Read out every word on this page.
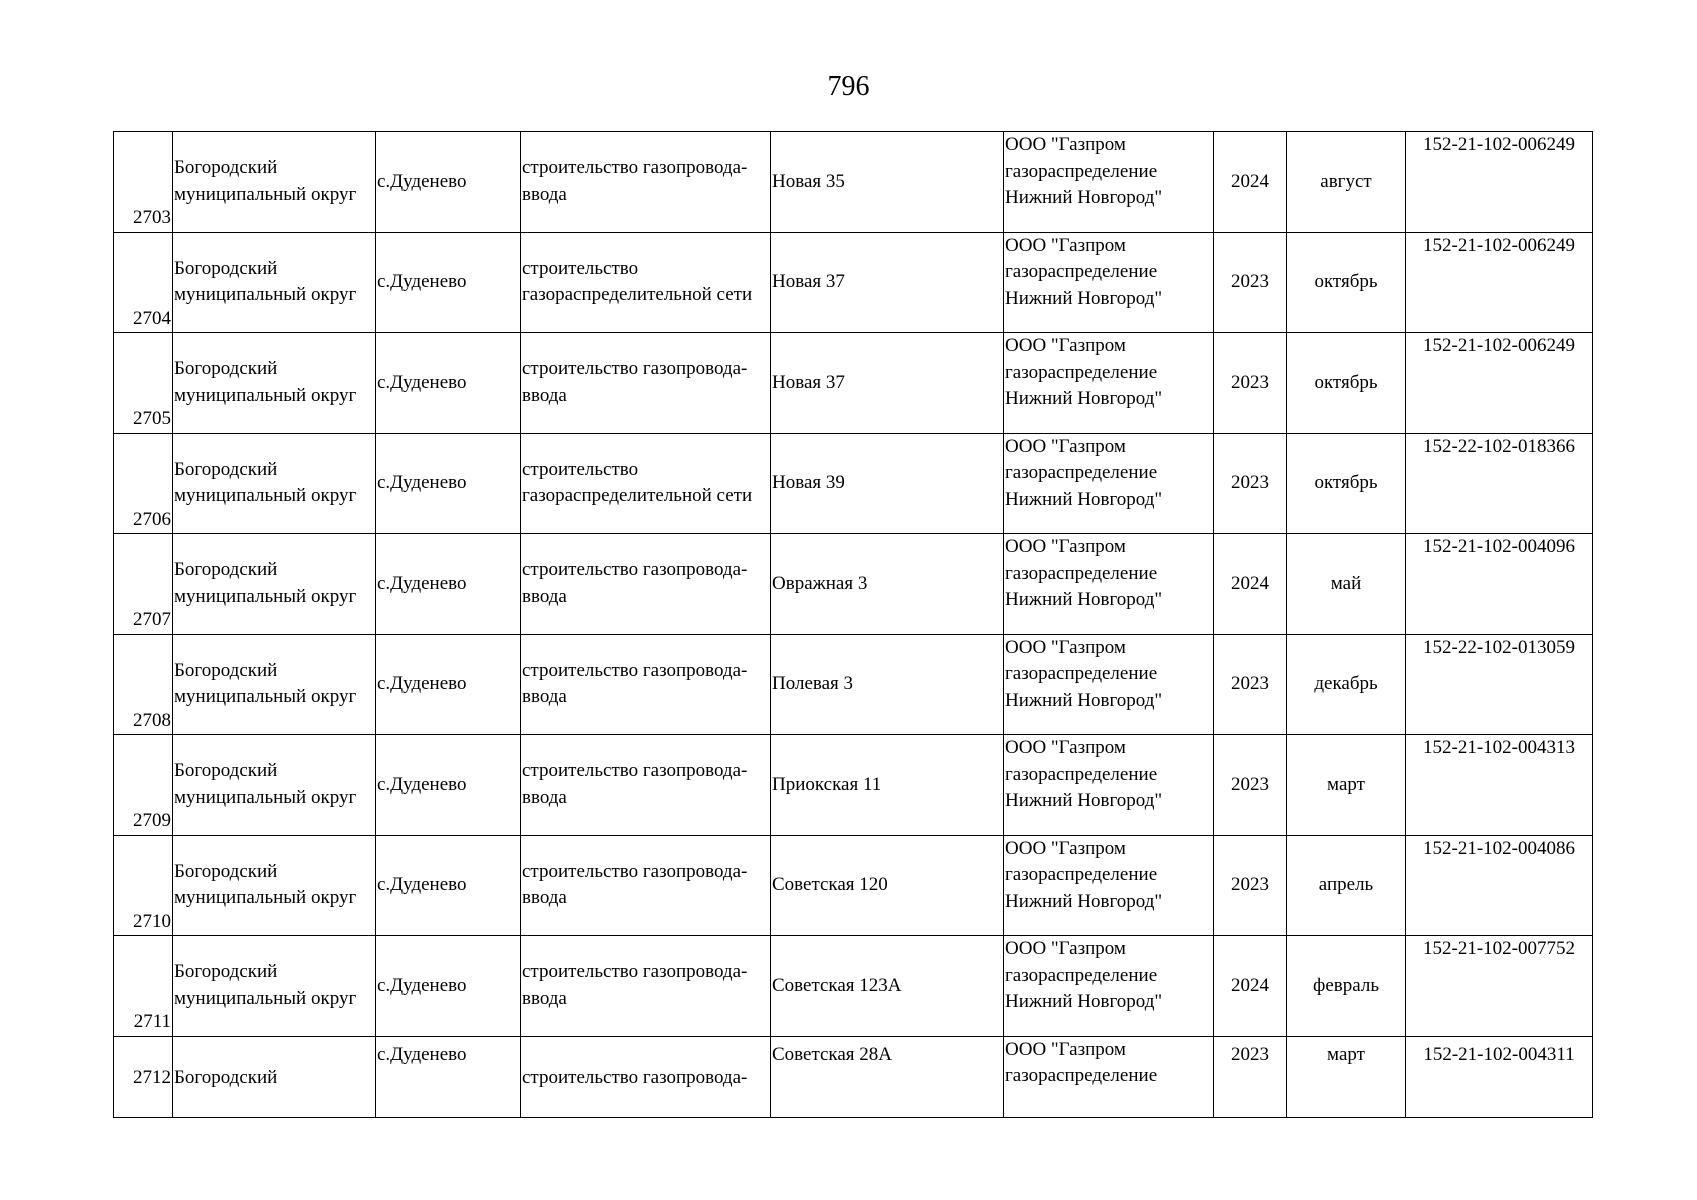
796
2703	Богородский
муниципальный округ	с.Дуденево	строительство газопровода-
ввода	Новая 35	ООО "Газпром
газораспределение
Нижний Новгород"	2024	август	152-21-102-006249
2704	Богородский
муниципальный округ	с.Дуденево	строительство
газораспределительной сети	Новая 37	ООО "Газпром
газораспределение
Нижний Новгород"	2023	октябрь	152-21-102-006249
2705	Богородский
муниципальный округ	с.Дуденево	строительство газопровода-
ввода	Новая 37	ООО "Газпром
газораспределение
Нижний Новгород"	2023	октябрь	152-21-102-006249
2706	Богородский
муниципальный округ	с.Дуденево	строительство
газораспределительной сети	Новая 39	ООО "Газпром
газораспределение
Нижний Новгород"	2023	октябрь	152-22-102-018366
2707	Богородский
муниципальный округ	с.Дуденево	строительство газопровода-
ввода	Овражная 3	ООО "Газпром
газораспределение
Нижний Новгород"	2024	май	152-21-102-004096
2708	Богородский
муниципальный округ	с.Дуденево	строительство газопровода-
ввода	Полевая 3	ООО "Газпром
газораспределение
Нижний Новгород"	2023	декабрь	152-22-102-013059
2709	Богородский
муниципальный округ	с.Дуденево	строительство газопровода-
ввода	Приокская 11	ООО "Газпром
газораспределение
Нижний Новгород"	2023	март	152-21-102-004313
2710	Богородский
муниципальный округ	с.Дуденево	строительство газопровода-
ввода	Советская 120	ООО "Газпром
газораспределение
Нижний Новгород"	2023	апрель	152-21-102-004086
2711	Богородский
муниципальный округ	с.Дуденево	строительство газопровода-
ввода	Советская 123А	ООО "Газпром
газораспределение
Нижний Новгород"	2024	февраль	152-21-102-007752
2712	Богородский	с.Дуденево	строительство газопровода-	Советская 28А	ООО "Газпром
газораспределение	2023	март	152-21-102-004311
